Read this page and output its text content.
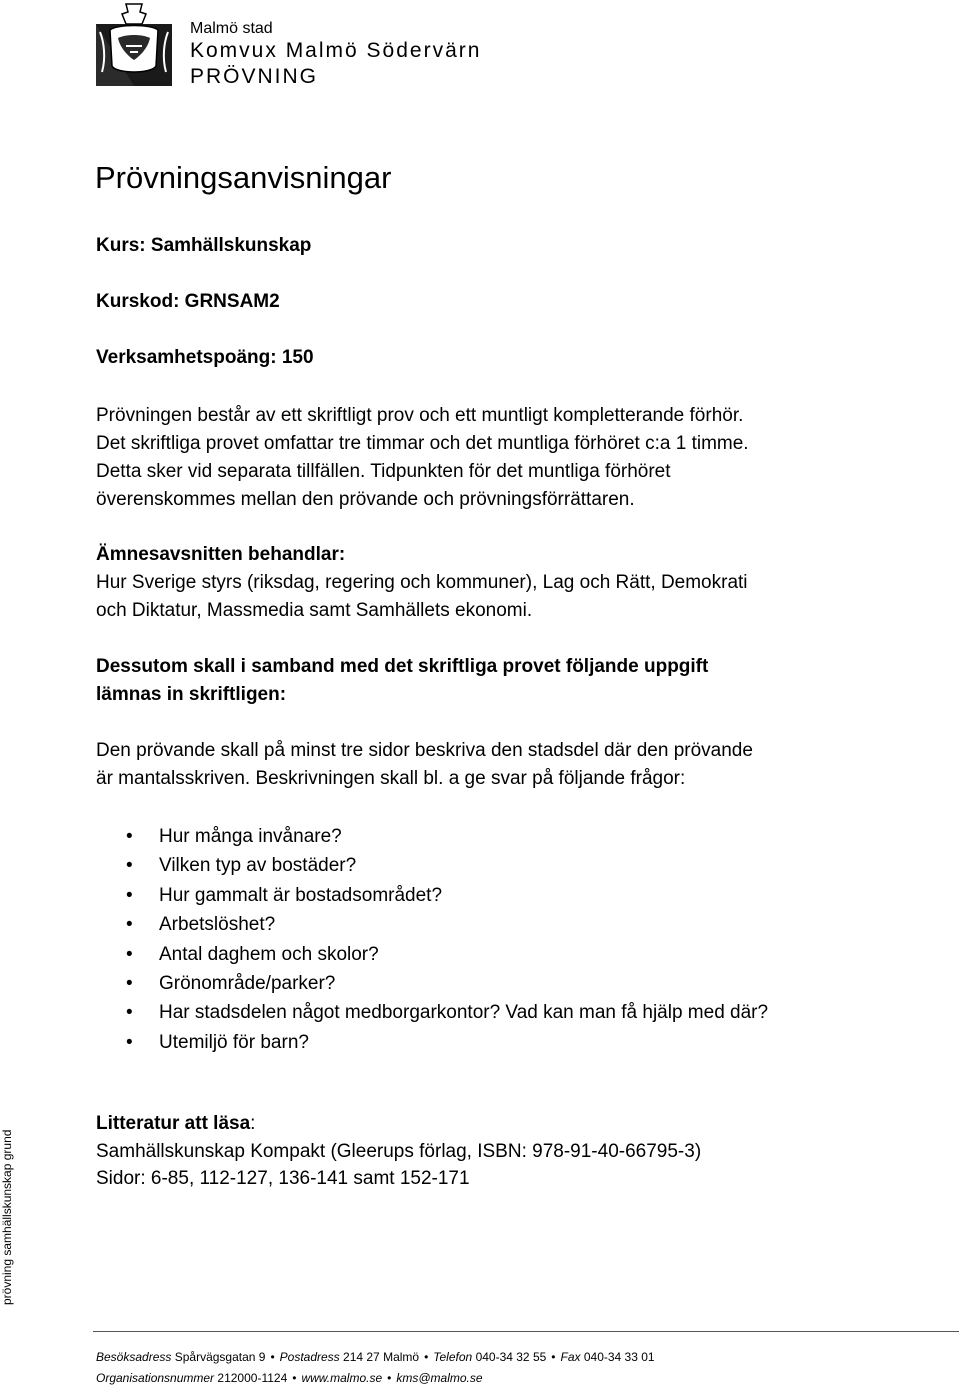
Malmö stad
Komvux Malmö Södervärn
PRÖVNING
Prövningsanvisningar
Kurs: Samhällskunskap
Kurskod: GRNSAM2
Verksamhetspoäng: 150

Prövningen består av ett skriftligt prov och ett muntligt kompletterande förhör.
Det skriftliga provet omfattar tre timmar och det muntliga förhöret c:a 1 timme.
Detta sker vid separata tillfällen. Tidpunkten för det muntliga förhöret
överenskommes mellan den prövande och prövningsförrättaren.

Ämnesavsnitten behandlar:
Hur Sverige styrs (riksdag, regering och kommuner), Lag och Rätt, Demokrati
och Diktatur, Massmedia samt Samhällets ekonomi.

Dessutom skall i samband med det skriftliga provet följande uppgift
lämnas in skriftligen:

Den prövande skall på minst tre sidor beskriva den stadsdel där den prövande
är mantalsskriven. Beskrivningen skall bl. a ge svar på följande frågor:

• Hur många invånare?
• Vilken typ av bostäder?
• Hur gammalt är bostadsområdet?
• Arbetslöshet?
• Antal daghem och skolor?
• Grönområde/parker?
• Har stadsdelen något medborgarkontor? Vad kan man få hjälp med där?
• Utemiljö för barn?
Litteratur att läsa:
Samhällskunskap Kompakt (Gleerups förlag, ISBN: 978-91-40-66795-3)
Sidor: 6-85, 112-127, 136-141 samt 152-171
prövning samhällskunskap grund
Besöksadress Spårvägsgatan 9 • Postadress 214 27 Malmö • Telefon 040-34 32 55 • Fax 040-34 33 01
Organisationsnummer 212000-1124 • www.malmo.se • kms@malmo.se
